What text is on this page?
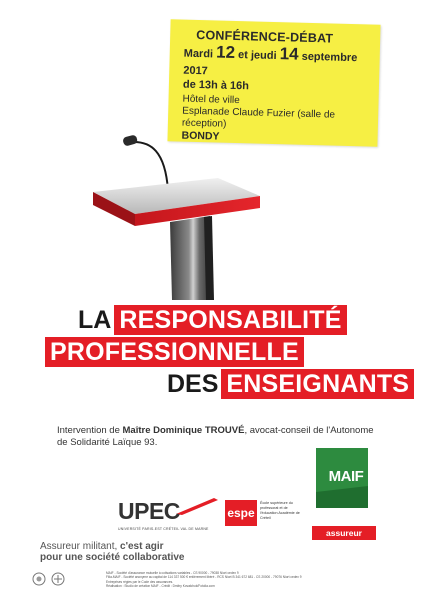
CONFÉRENCE-DÉBAT
Mardi 12 et jeudi 14 septembre 2017
de 13h à 16h
Hôtel de ville
Esplanade Claude Fuzier (salle de réception)
BONDY
LA RESPONSABILITÉ
PROFESSIONNELLE
DES ENSEIGNANTS
Intervention de Maître Dominique TROUVÉ, avocat-conseil de l'Autonome de Solidarité Laïque 93.
UPEC
UNIVERSITÉ PARIS-EST CRÉTEIL VAL DE MARNE
espe
École supérieure du professorat et de l'éducation Académie de Créteil
MAIF
assureur militant
Assureur militant, c'est agir
pour une société collaborative
MAIF - Société d'assurance mutuelle à cotisations variables - CS 90000 - 79038 Niort cedex 9
Filia-MAIF - Société anonyme au capital de 114 337 500 € entièrement libéré - RCS Niort B 341 672 681 - CS 20000 - 79076 Niort cedex 9
Entreprises régies par le Code des assurances.
Réalisation : Studio de création MAIF - Crédit : Dmitry Kovalchuk/Fotolia.com
